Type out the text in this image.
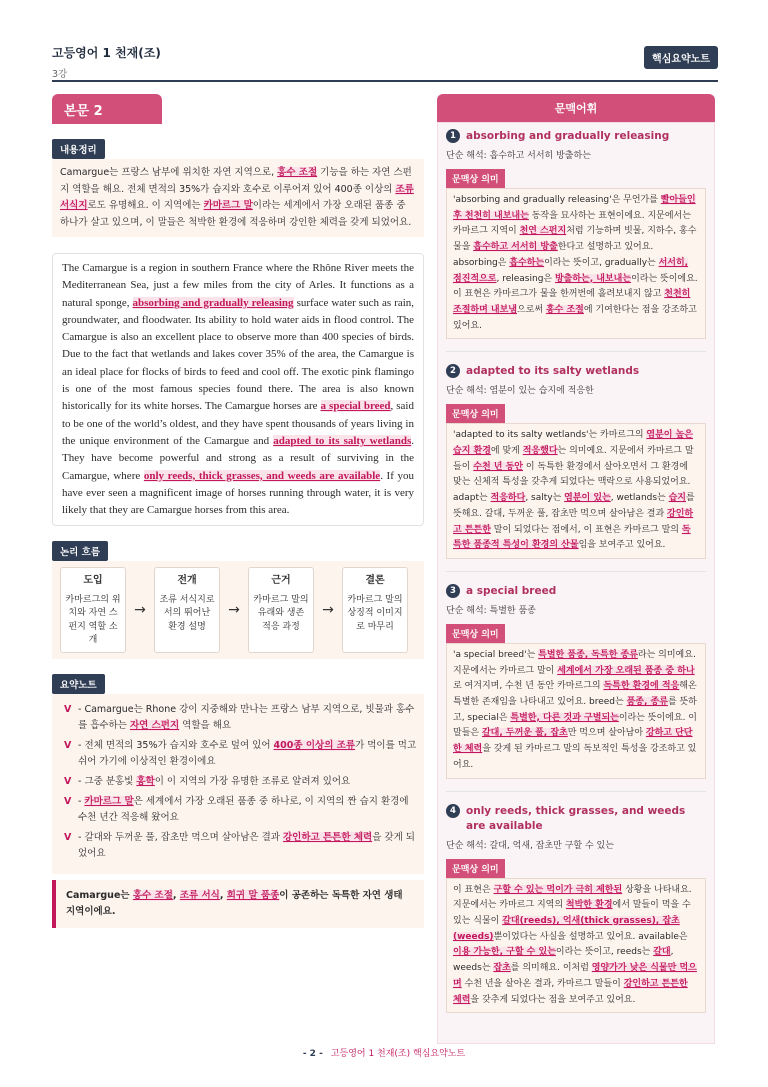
고등영어 1 천재(조)
3강
핵심요약노트
본문 2
내용정리
Camargue는 프랑스 남부에 위치한 자연 지역으로, 홍수 조절 기능을 하는 자연 스펀지 역할을 해요. 전체 면적의 35%가 습지와 호수로 이루어져 있어 400종 이상의 조류 서식지로도 유명해요. 이 지역에는 카마르그 말이라는 세계에서 가장 오래된 품종 중 하나가 살고 있으며, 이 말들은 척박한 환경에 적응하며 강인한 체력을 갖게 되었어요.
The Camargue is a region in southern France where the Rhône River meets the Mediterranean Sea, just a few miles from the city of Arles. It functions as a natural sponge, absorbing and gradually releasing surface water such as rain, groundwater, and floodwater. Its ability to hold water aids in flood control. The Camargue is also an excellent place to observe more than 400 species of birds. Due to the fact that wetlands and lakes cover 35% of the area, the Camargue is an ideal place for flocks of birds to feed and cool off. The exotic pink flamingo is one of the most famous species found there. The area is also known historically for its white horses. The Camargue horses are a special breed, said to be one of the world’s oldest, and they have spent thousands of years living in the unique environment of the Camargue and adapted to its salty wetlands. They have become powerful and strong as a result of surviving in the Camargue, where only reeds, thick grasses, and weeds are available. If you have ever seen a magnificent image of horses running through water, it is very likely that they are Camargue horses from this area.
논리 흐름
도입
카마르그의 위치와 자연 스펀지 역할 소개
→
전개
조류 서식지로서의 뛰어난 환경 설명
→
근거
카마르그 말의 유래와 생존 적응 과정
→
결론
카마르그 말의 상징적 이미지로 마무리
요약노트
V - Camargue는 Rhone 강이 지중해와 만나는 프랑스 남부 지역으로, 빗물과 홍수를 흡수하는 자연 스펀지 역할을 해요
V - 전체 면적의 35%가 습지와 호수로 덮여 있어 400종 이상의 조류가 먹이를 먹고 쉬어 가기에 이상적인 환경이에요
V - 그중 분홍빛 홍학이 이 지역의 가장 유명한 조류로 알려져 있어요
V - 카마르그 말은 세계에서 가장 오래된 품종 중 하나로, 이 지역의 짠 습지 환경에 수천 년간 적응해 왔어요
V - 갈대와 두꺼운 풀, 잡초만 먹으며 살아남은 결과 강인하고 튼튼한 체력을 갖게 되었어요
Camargue는 홍수 조절, 조류 서식, 희귀 말 품종이 공존하는 독특한 자연 생태 지역이에요.
문맥어휘
1 absorbing and gradually releasing
단순 해석: 흡수하고 서서히 방출하는
문맥상 의미
'absorbing and gradually releasing'은 무언가를 빨아들인 후 천천히 내보내는 동작을 묘사하는 표현이에요. 지문에서는 카마르그 지역이 천연 스펀지처럼 기능하며 빗물, 지하수, 홍수 물을 흡수하고 서서히 방출한다고 설명하고 있어요. absorbing은 흡수하는이라는 뜻이고, gradually는 서서히, 점진적으로, releasing은 방출하는, 내보내는이라는 뜻이에요. 이 표현은 카마르그가 물을 한꺼번에 흘려보내지 않고 천천히 조절하며 내보냄으로써 홍수 조절에 기여한다는 점을 강조하고 있어요.
2 adapted to its salty wetlands
단순 해석: 염분이 있는 습지에 적응한
문맥상 의미
'adapted to its salty wetlands'는 카마르그의 염분이 높은 습지 환경에 맞게 적응했다는 의미예요. 지문에서 카마르그 말들이 수천 년 동안 이 독특한 환경에서 살아오면서 그 환경에 맞는 신체적 특성을 갖추게 되었다는 맥락으로 사용되었어요. adapt는 적응하다, salty는 염분이 있는, wetlands는 습지를 뜻해요. 갈대, 두꺼운 풀, 잡초만 먹으며 살아남은 결과 강인하고 튼튼한 말이 되었다는 점에서, 이 표현은 카마르그 말의 독특한 품종적 특성이 환경의 산물임을 보여주고 있어요.
3 a special breed
단순 해석: 특별한 품종
문맥상 의미
'a special breed'는 특별한 품종, 독특한 종류라는 의미예요. 지문에서는 카마르그 말이 세계에서 가장 오래된 품종 중 하나로 여겨지며, 수천 년 동안 카마르그의 독특한 환경에 적응해온 특별한 존재임을 나타내고 있어요. breed는 품종, 종류를 뜻하고, special은 특별한, 다른 것과 구별되는이라는 뜻이에요. 이 말들은 갈대, 두꺼운 풀, 잡초만 먹으며 살아남아 강하고 단단한 체력을 갖게 된 카마르그 말의 독보적인 특성을 강조하고 있어요.
4 only reeds, thick grasses, and weeds are available
단순 해석: 갈대, 억새, 잡초만 구할 수 있는
문맥상 의미
이 표현은 구할 수 있는 먹이가 극히 제한된 상황을 나타내요. 지문에서는 카마르그 지역의 척박한 환경에서 말들이 먹을 수 있는 식물이 갈대(reeds), 억새(thick grasses), 잡초(weeds)뿐이었다는 사실을 설명하고 있어요. available은 이용 가능한, 구할 수 있는이라는 뜻이고, reeds는 갈대, weeds는 잡초를 의미해요. 이처럼 영양가가 낮은 식물만 먹으며 수천 년을 살아온 결과, 카마르그 말들이 강인하고 튼튼한 체력을 갖추게 되었다는 점을 보여주고 있어요.
- 2 - 고등영어 1 천재(조) 핵심요약노트
